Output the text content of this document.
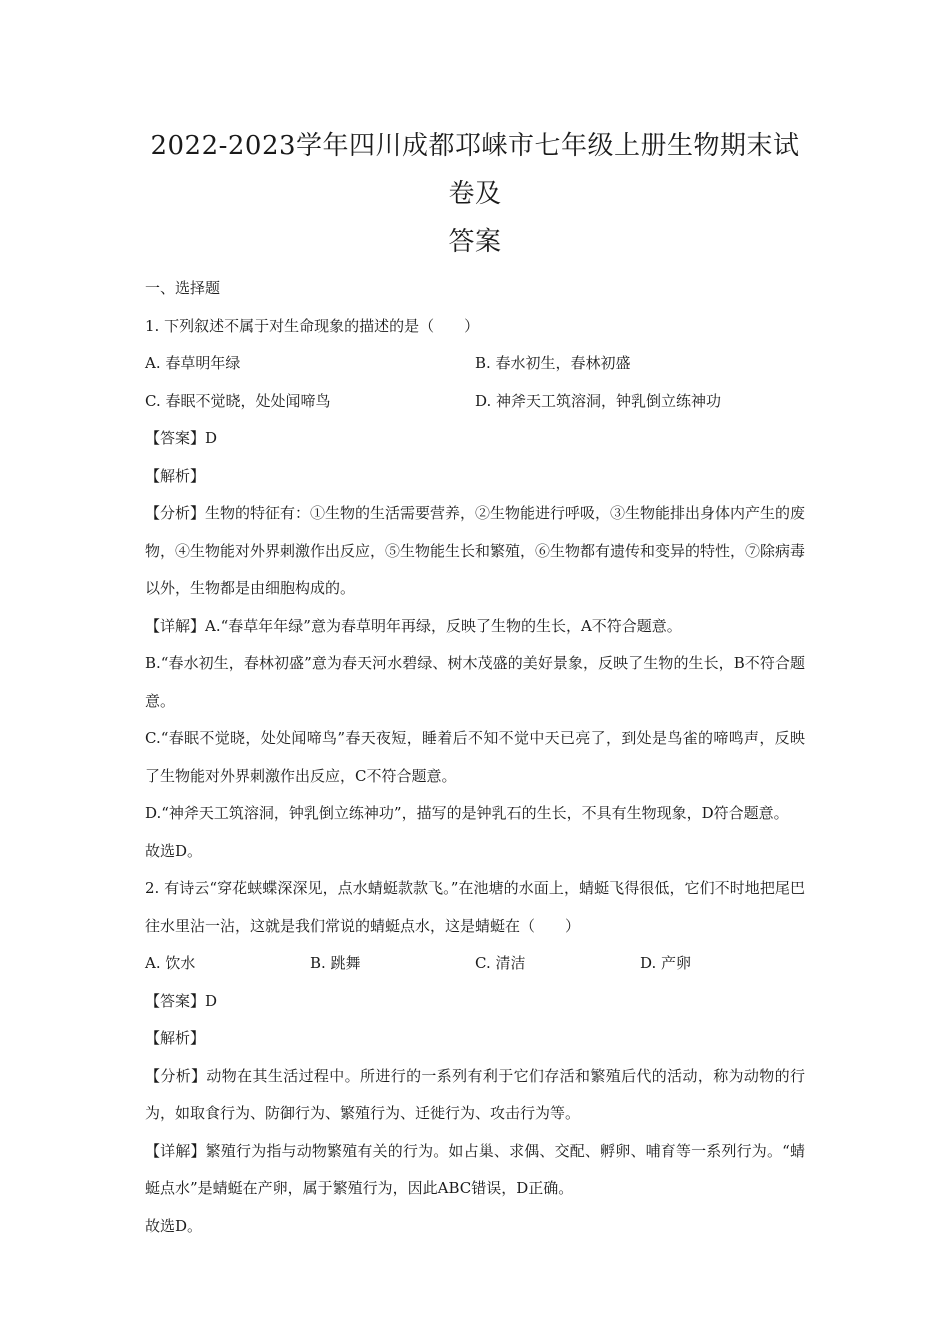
2022-2023学年四川成都邛崃市七年级上册生物期末试卷及
答案

一、选择题

1. 下列叙述不属于对生命现象的描述的是（　　）

A. 春草明年绿	B. 春水初生，春林初盛
C. 春眠不觉晓，处处闻啼鸟	D. 神斧天工筑溶洞，钟乳倒立练神功

【答案】D

【解析】

【分析】生物的特征有：①生物的生活需要营养，②生物能进行呼吸，③生物能排出身体内产生的废物，④生物能对外界刺激作出反应，⑤生物能生长和繁殖，⑥生物都有遗传和变异的特性，⑦除病毒以外，生物都是由细胞构成的。

【详解】A.“春草年年绿”意为春草明年再绿，反映了生物的生长，A不符合题意。

B.“春水初生，春林初盛”意为春天河水碧绿、树木茂盛的美好景象，反映了生物的生长，B不符合题意。

C.“春眠不觉晓，处处闻啼鸟”春天夜短，睡着后不知不觉中天已亮了，到处是鸟雀的啼鸣声，反映了生物能对外界刺激作出反应，C不符合题意。

D.“神斧天工筑溶洞，钟乳倒立练神功”，描写的是钟乳石的生长，不具有生物现象，D符合题意。

故选D。

2. 有诗云“穿花蛱蝶深深见，点水蜻蜓款款飞。”在池塘的水面上，蜻蜓飞得很低，它们不时地把尾巴往水里沾一沾，这就是我们常说的蜻蜓点水，这是蜻蜓在（　　）

A. 饮水	B. 跳舞	C. 清洁	D. 产卵

【答案】D

【解析】

【分析】动物在其生活过程中。所进行的一系列有利于它们存活和繁殖后代的活动，称为动物的行为，如取食行为、防御行为、繁殖行为、迁徙行为、攻击行为等。

【详解】繁殖行为指与动物繁殖有关的行为。如占巢、求偶、交配、孵卵、哺育等一系列行为。“蜻蜓点水”是蜻蜓在产卵，属于繁殖行为，因此ABC错误，D正确。

故选D。
